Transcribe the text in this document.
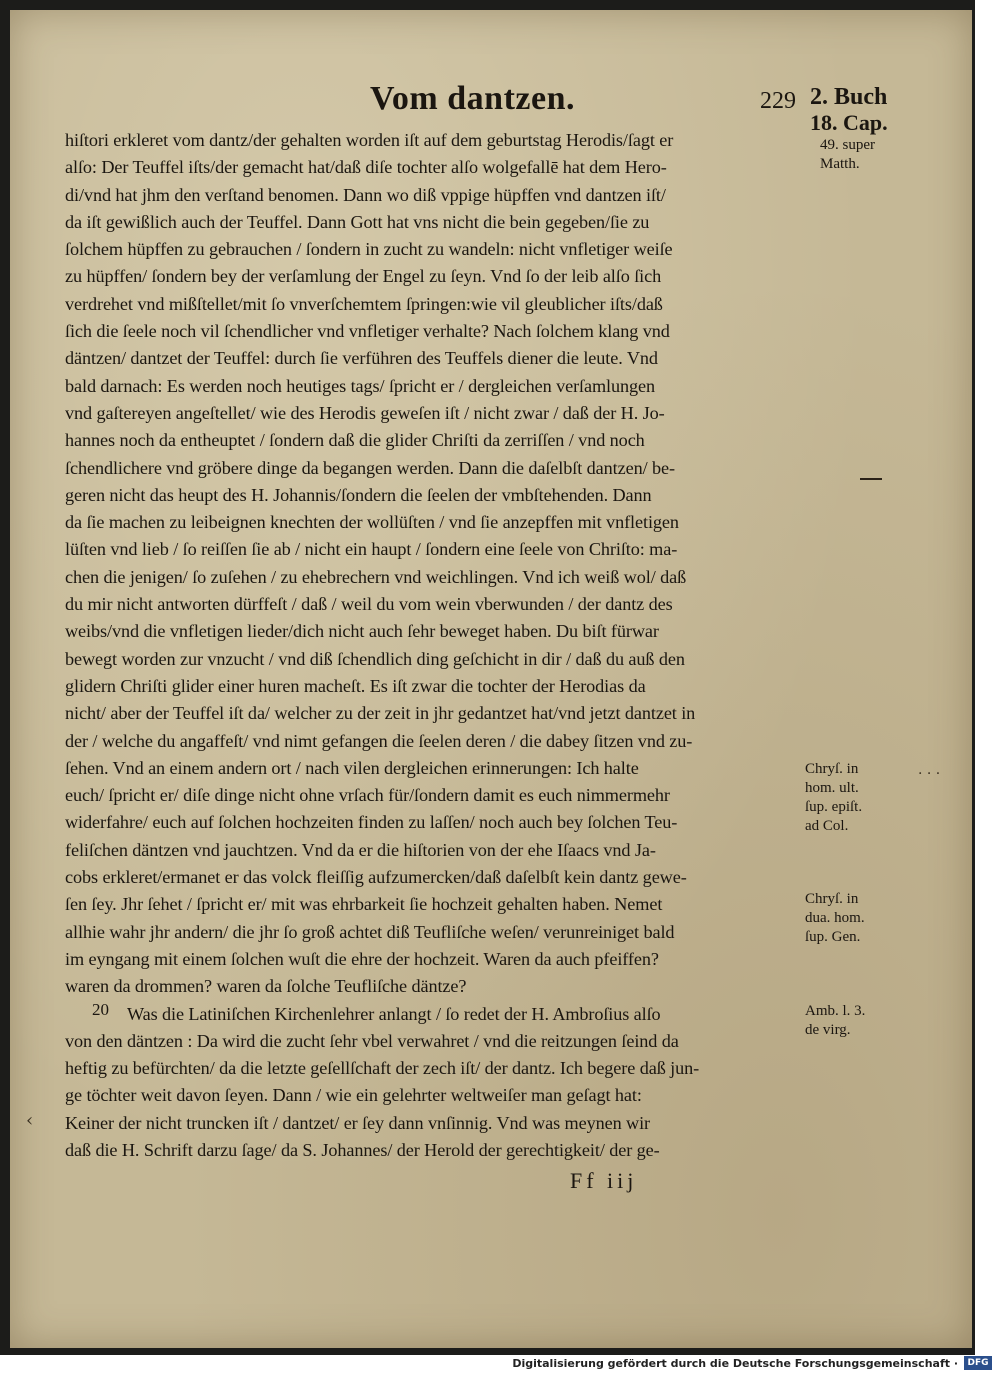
Vom dantzen.	229 2. Buch
18. Cap.
49. super
Matth.
Chryſ. in
hom. ult.
ſup. epiſt.
ad Col.
Chryſ. in
dua. hom.
ſup. Gen.
Amb. l. 3.
de virg.
· · ·
‹
20
hiſtori erkleret vom dantz/der gehalten worden iſt auf dem geburtstag Herodis/ſagt er
alſo: Der Teuffel iſts/der gemacht hat/daß diſe tochter alſo wolgefallē hat dem Hero-
di/vnd hat jhm den verſtand benomen. Dann wo diß vppige hüpffen vnd dantzen iſt/
da iſt gewißlich auch der Teuffel. Dann Gott hat vns nicht die bein gegeben/ſie zu
ſolchem hüpffen zu gebrauchen / ſondern in zucht zu wandeln: nicht vnfletiger weiſe
zu hüpffen/ ſondern bey der verſamlung der Engel zu ſeyn. Vnd ſo der leib alſo ſich
verdrehet vnd mißſtellet/mit ſo vnverſchemtem ſpringen:wie vil gleublicher iſts/daß
ſich die ſeele noch vil ſchendlicher vnd vnfletiger verhalte? Nach ſolchem klang vnd
däntzen/ dantzet der Teuffel: durch ſie verführen des Teuffels diener die leute. Vnd
bald darnach: Es werden noch heutiges tags/ ſpricht er / dergleichen verſamlungen
vnd gaſtereyen angeſtellet/ wie des Herodis geweſen iſt / nicht zwar / daß der H. Jo-
hannes noch da entheuptet / ſondern daß die glider Chriſti da zerriſſen / vnd noch
ſchendlichere vnd gröbere dinge da begangen werden. Dann die daſelbſt dantzen/ be-
geren nicht das heupt des H. Johannis/ſondern die ſeelen der vmbſtehenden. Dann
da ſie machen zu leibeignen knechten der wollüſten / vnd ſie anzepffen mit vnfletigen
lüſten vnd lieb / ſo reiſſen ſie ab / nicht ein haupt / ſondern eine ſeele von Chriſto: ma-
chen die jenigen/ ſo zuſehen / zu ehebrechern vnd weichlingen. Vnd ich weiß wol/ daß
du mir nicht antworten dürffeſt / daß / weil du vom wein vberwunden / der dantz des
weibs/vnd die vnfletigen lieder/dich nicht auch ſehr beweget haben. Du biſt fürwar
bewegt worden zur vnzucht / vnd diß ſchendlich ding geſchicht in dir / daß du auß den
glidern Chriſti glider einer huren macheſt. Es iſt zwar die tochter der Herodias da
nicht/ aber der Teuffel iſt da/ welcher zu der zeit in jhr gedantzet hat/vnd jetzt dantzet in
der / welche du angaffeſt/ vnd nimt gefangen die ſeelen deren / die dabey ſitzen vnd zu-
ſehen. Vnd an einem andern ort / nach vilen dergleichen erinnerungen: Ich halte
euch/ ſpricht er/ diſe dinge nicht ohne vrſach für/ſondern damit es euch nimmermehr
widerfahre/ euch auf ſolchen hochzeiten finden zu laſſen/ noch auch bey ſolchen Teu-
feliſchen däntzen vnd jauchtzen. Vnd da er die hiſtorien von der ehe Iſaacs vnd Ja-
cobs erkleret/ermanet er das volck fleiſſig aufzumercken/daß daſelbſt kein dantz gewe-
ſen ſey. Jhr ſehet / ſpricht er/ mit was ehrbarkeit ſie hochzeit gehalten haben. Nemet
allhie wahr jhr andern/ die jhr ſo groß achtet diß Teufliſche weſen/ verunreiniget bald
im eyngang mit einem ſolchen wuſt die ehre der hochzeit. Waren da auch pfeiffen?
waren da drommen? waren da ſolche Teufliſche däntze?
Was die Latiniſchen Kirchenlehrer anlangt / ſo redet der H. Ambroſius alſo
von den däntzen : Da wird die zucht ſehr vbel verwahret / vnd die reitzungen ſeind da
heftig zu befürchten/ da die letzte geſellſchaft der zech iſt/ der dantz. Ich begere daß jun-
ge töchter weit davon ſeyen. Dann / wie ein gelehrter weltweiſer man geſagt hat:
Keiner der nicht truncken iſt / dantzet/ er ſey dann vnſinnig. Vnd was meynen wir
daß die H. Schrift darzu ſage/ da S. Johannes/ der Herold der gerechtigkeit/ der ge-
Ff iij
Digitalisierung gefördert durch die Deutsche Forschungsgemeinschaft ·	DFG
